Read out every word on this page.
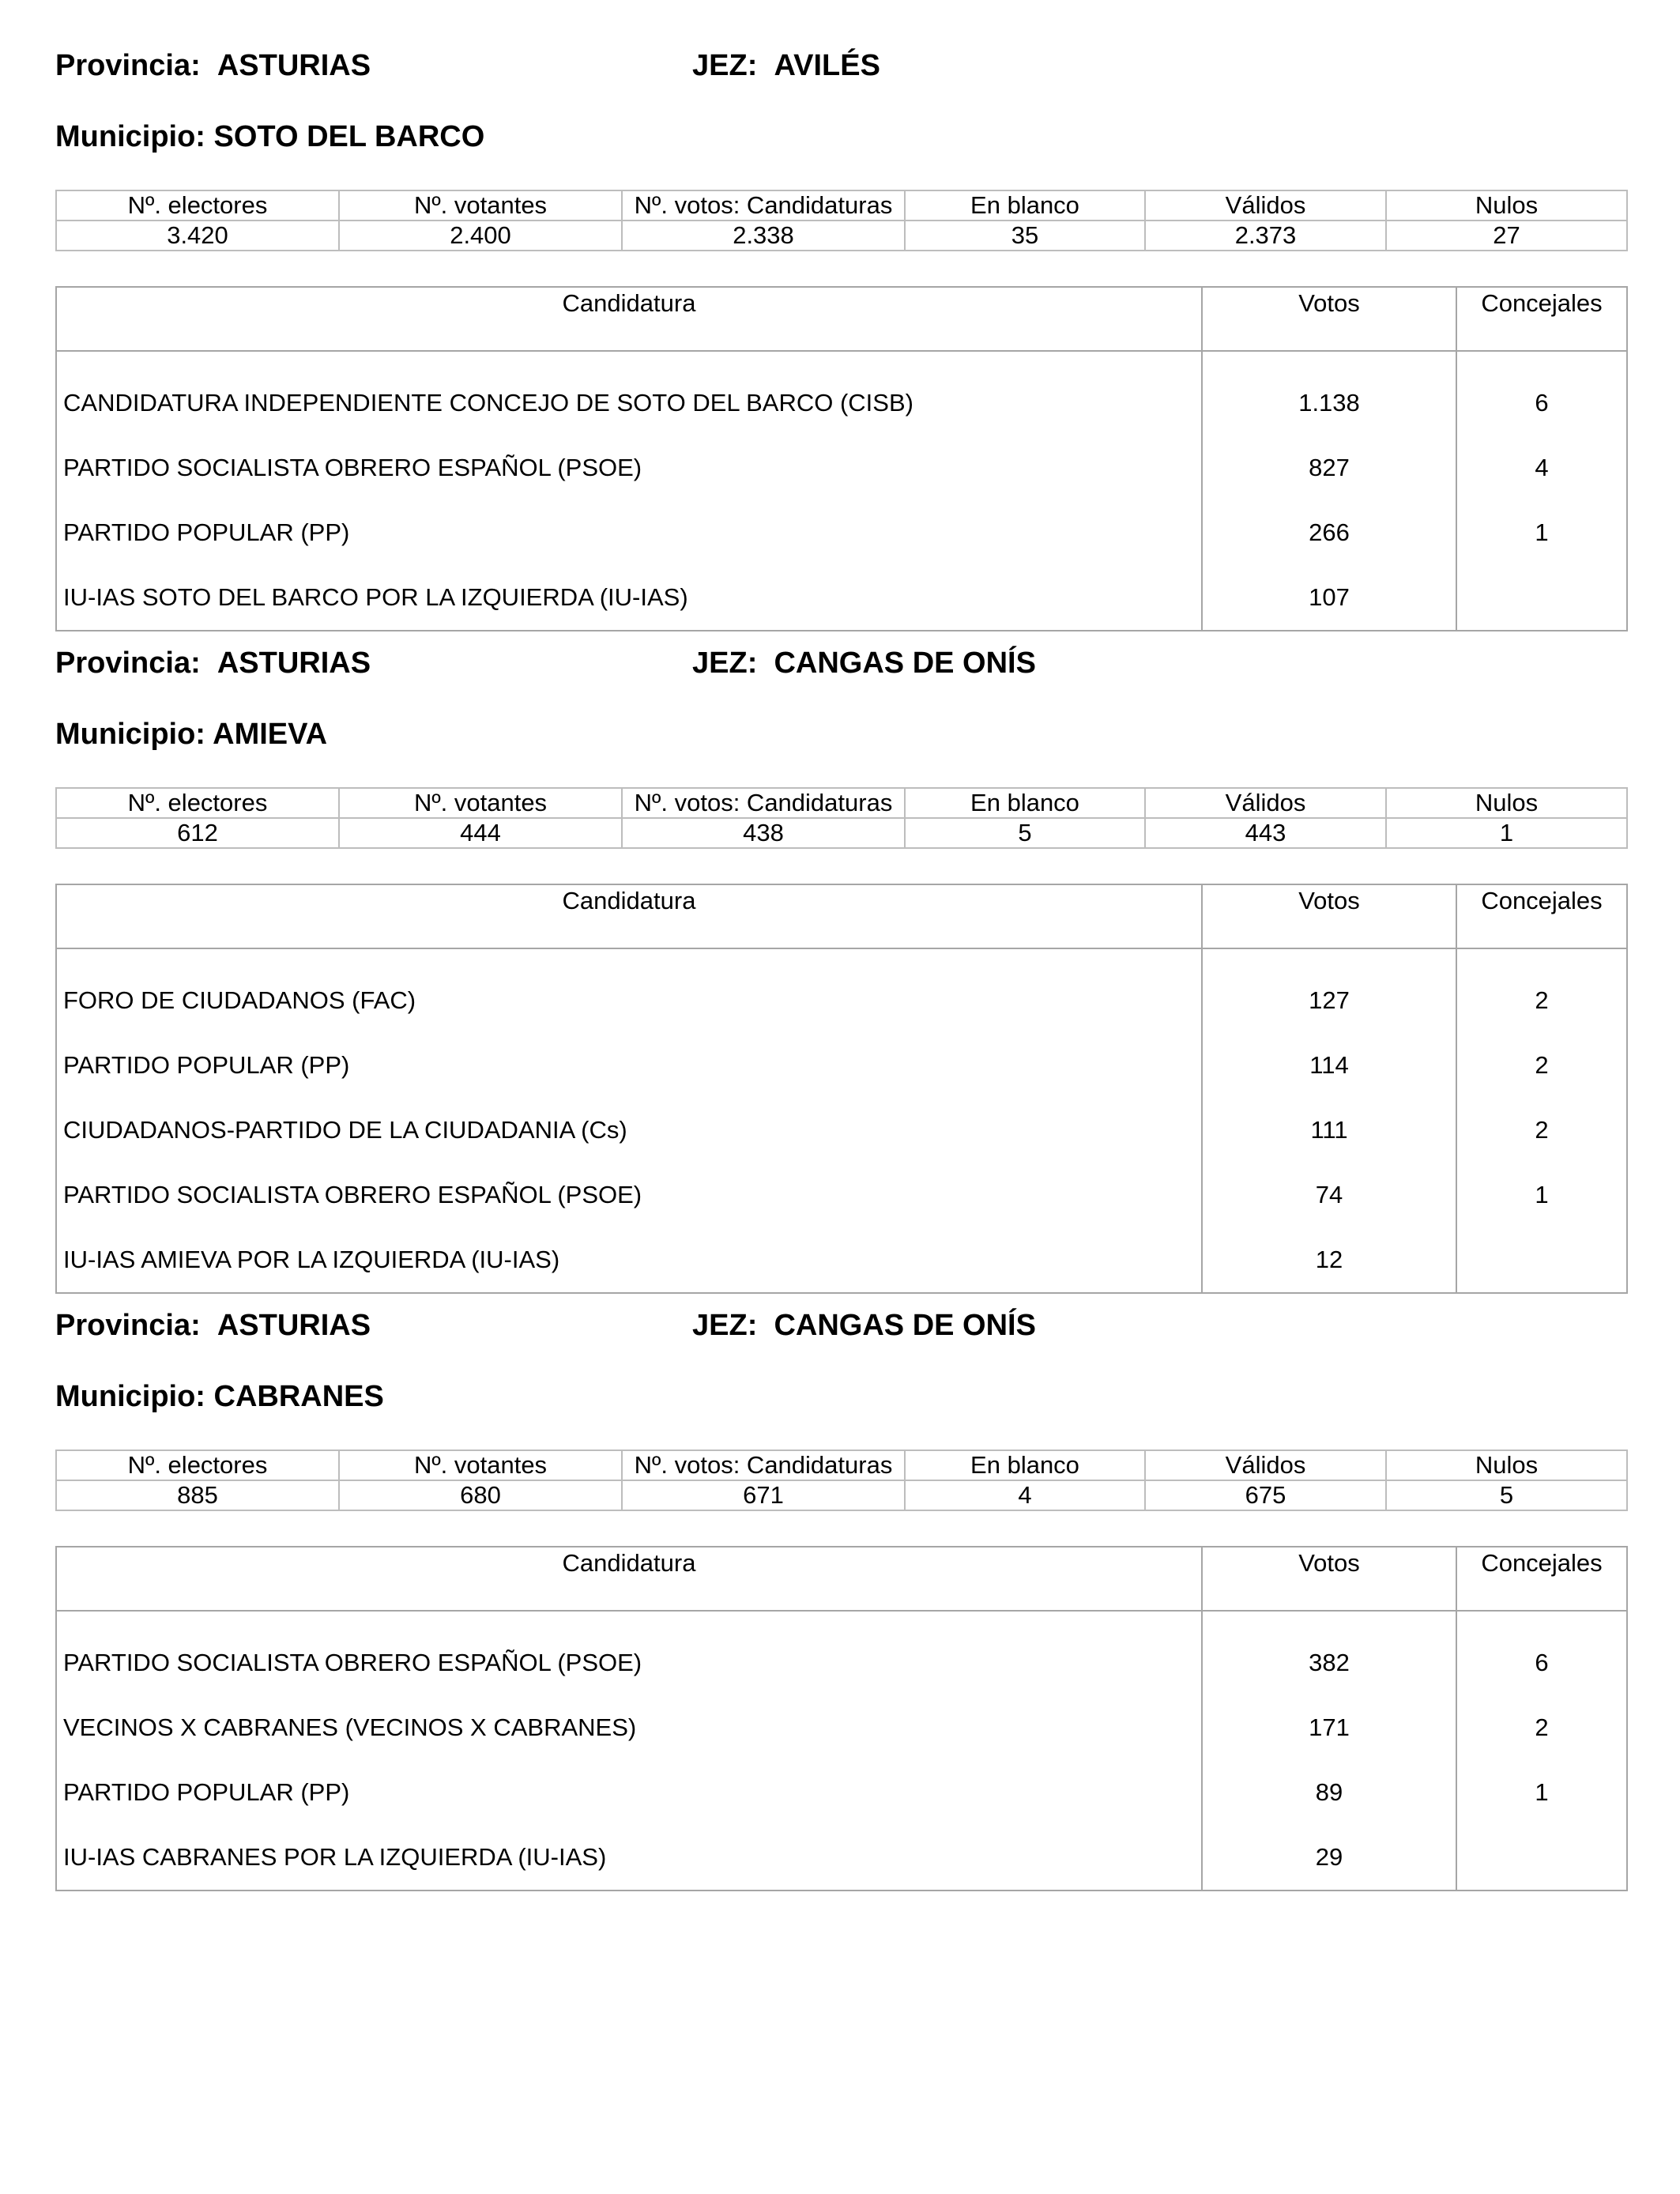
Provincia: ASTURIAS	JEZ: AVILÉS
Municipio: SOTO DEL BARCO
Nº. electores	Nº. votantes	Nº. votos: Candidaturas	En blanco	Válidos	Nulos
3.420	2.400	2.338	35	2.373	27
Candidatura	Votos	Concejales
CANDIDATURA INDEPENDIENTE CONCEJO DE SOTO DEL BARCO (CISB)	1.138	6
PARTIDO SOCIALISTA OBRERO ESPAÑOL (PSOE)	827	4
PARTIDO POPULAR (PP)	266	1
IU-IAS SOTO DEL BARCO POR LA IZQUIERDA (IU-IAS)	107	
Provincia: ASTURIAS	JEZ: CANGAS DE ONÍS
Municipio: AMIEVA
Nº. electores	Nº. votantes	Nº. votos: Candidaturas	En blanco	Válidos	Nulos
612	444	438	5	443	1
Candidatura	Votos	Concejales
FORO DE CIUDADANOS (FAC)	127	2
PARTIDO POPULAR (PP)	114	2
CIUDADANOS-PARTIDO DE LA CIUDADANIA (Cs)	111	2
PARTIDO SOCIALISTA OBRERO ESPAÑOL (PSOE)	74	1
IU-IAS AMIEVA POR LA IZQUIERDA (IU-IAS)	12	
Provincia: ASTURIAS	JEZ: CANGAS DE ONÍS
Municipio: CABRANES
Nº. electores	Nº. votantes	Nº. votos: Candidaturas	En blanco	Válidos	Nulos
885	680	671	4	675	5
Candidatura	Votos	Concejales
PARTIDO SOCIALISTA OBRERO ESPAÑOL (PSOE)	382	6
VECINOS X CABRANES (VECINOS X CABRANES)	171	2
PARTIDO POPULAR (PP)	89	1
IU-IAS CABRANES POR LA IZQUIERDA (IU-IAS)	29	
